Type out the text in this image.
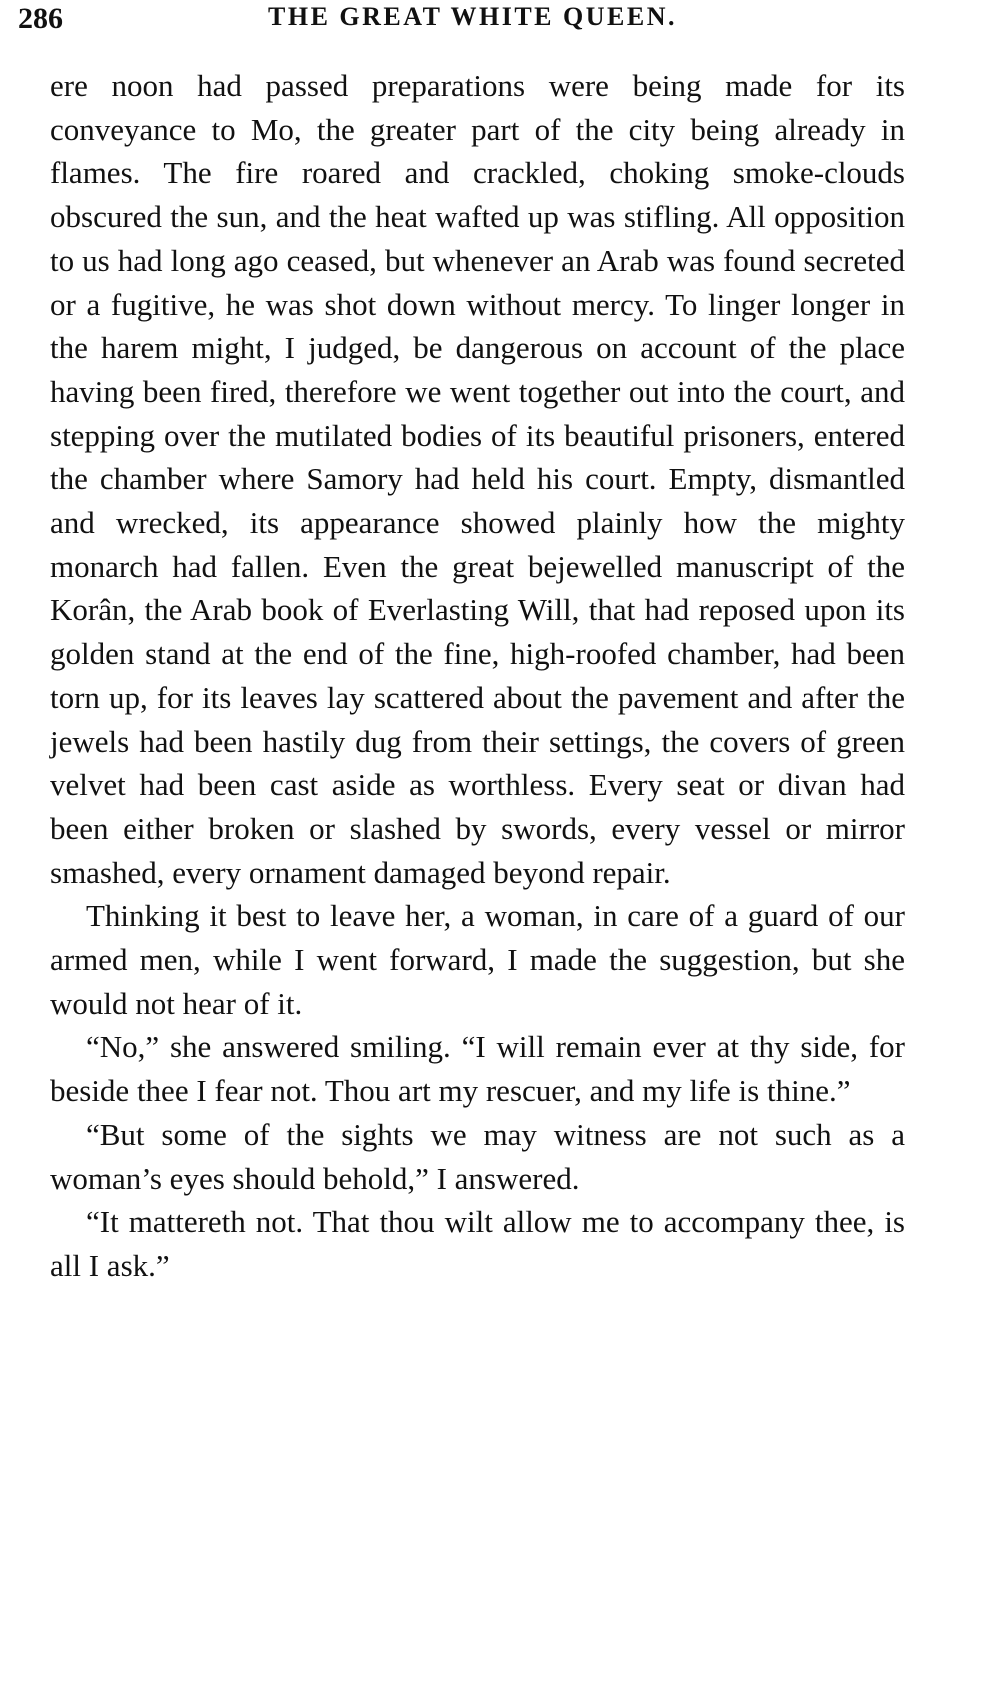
286	THE GREAT WHITE QUEEN.

ere noon had passed preparations were being made for its conveyance to Mo, the greater part of the city being already in flames. The fire roared and crackled, choking smoke-clouds obscured the sun, and the heat wafted up was stifling. All opposition to us had long ago ceased, but whenever an Arab was found secreted or a fugitive, he was shot down without mercy. To linger longer in the harem might, I judged, be dangerous on account of the place having been fired, therefore we went together out into the court, and stepping over the mutilated bodies of its beautiful prisoners, entered the chamber where Samory had held his court. Empty, dismantled and wrecked, its appearance showed plainly how the mighty monarch had fallen. Even the great bejewelled manuscript of the Korân, the Arab book of Everlasting Will, that had reposed upon its golden stand at the end of the fine, high-roofed chamber, had been torn up, for its leaves lay scattered about the pavement and after the jewels had been hastily dug from their settings, the covers of green velvet had been cast aside as worthless. Every seat or divan had been either broken or slashed by swords, every vessel or mirror smashed, every ornament damaged beyond repair.

Thinking it best to leave her, a woman, in care of a guard of our armed men, while I went forward, I made the suggestion, but she would not hear of it.

“No,” she answered smiling. “I will remain ever at thy side, for beside thee I fear not. Thou art my rescuer, and my life is thine.”

“But some of the sights we may witness are not such as a woman’s eyes should behold,” I answered.

“It mattereth not. That thou wilt allow me to accompany thee, is all I ask.”
